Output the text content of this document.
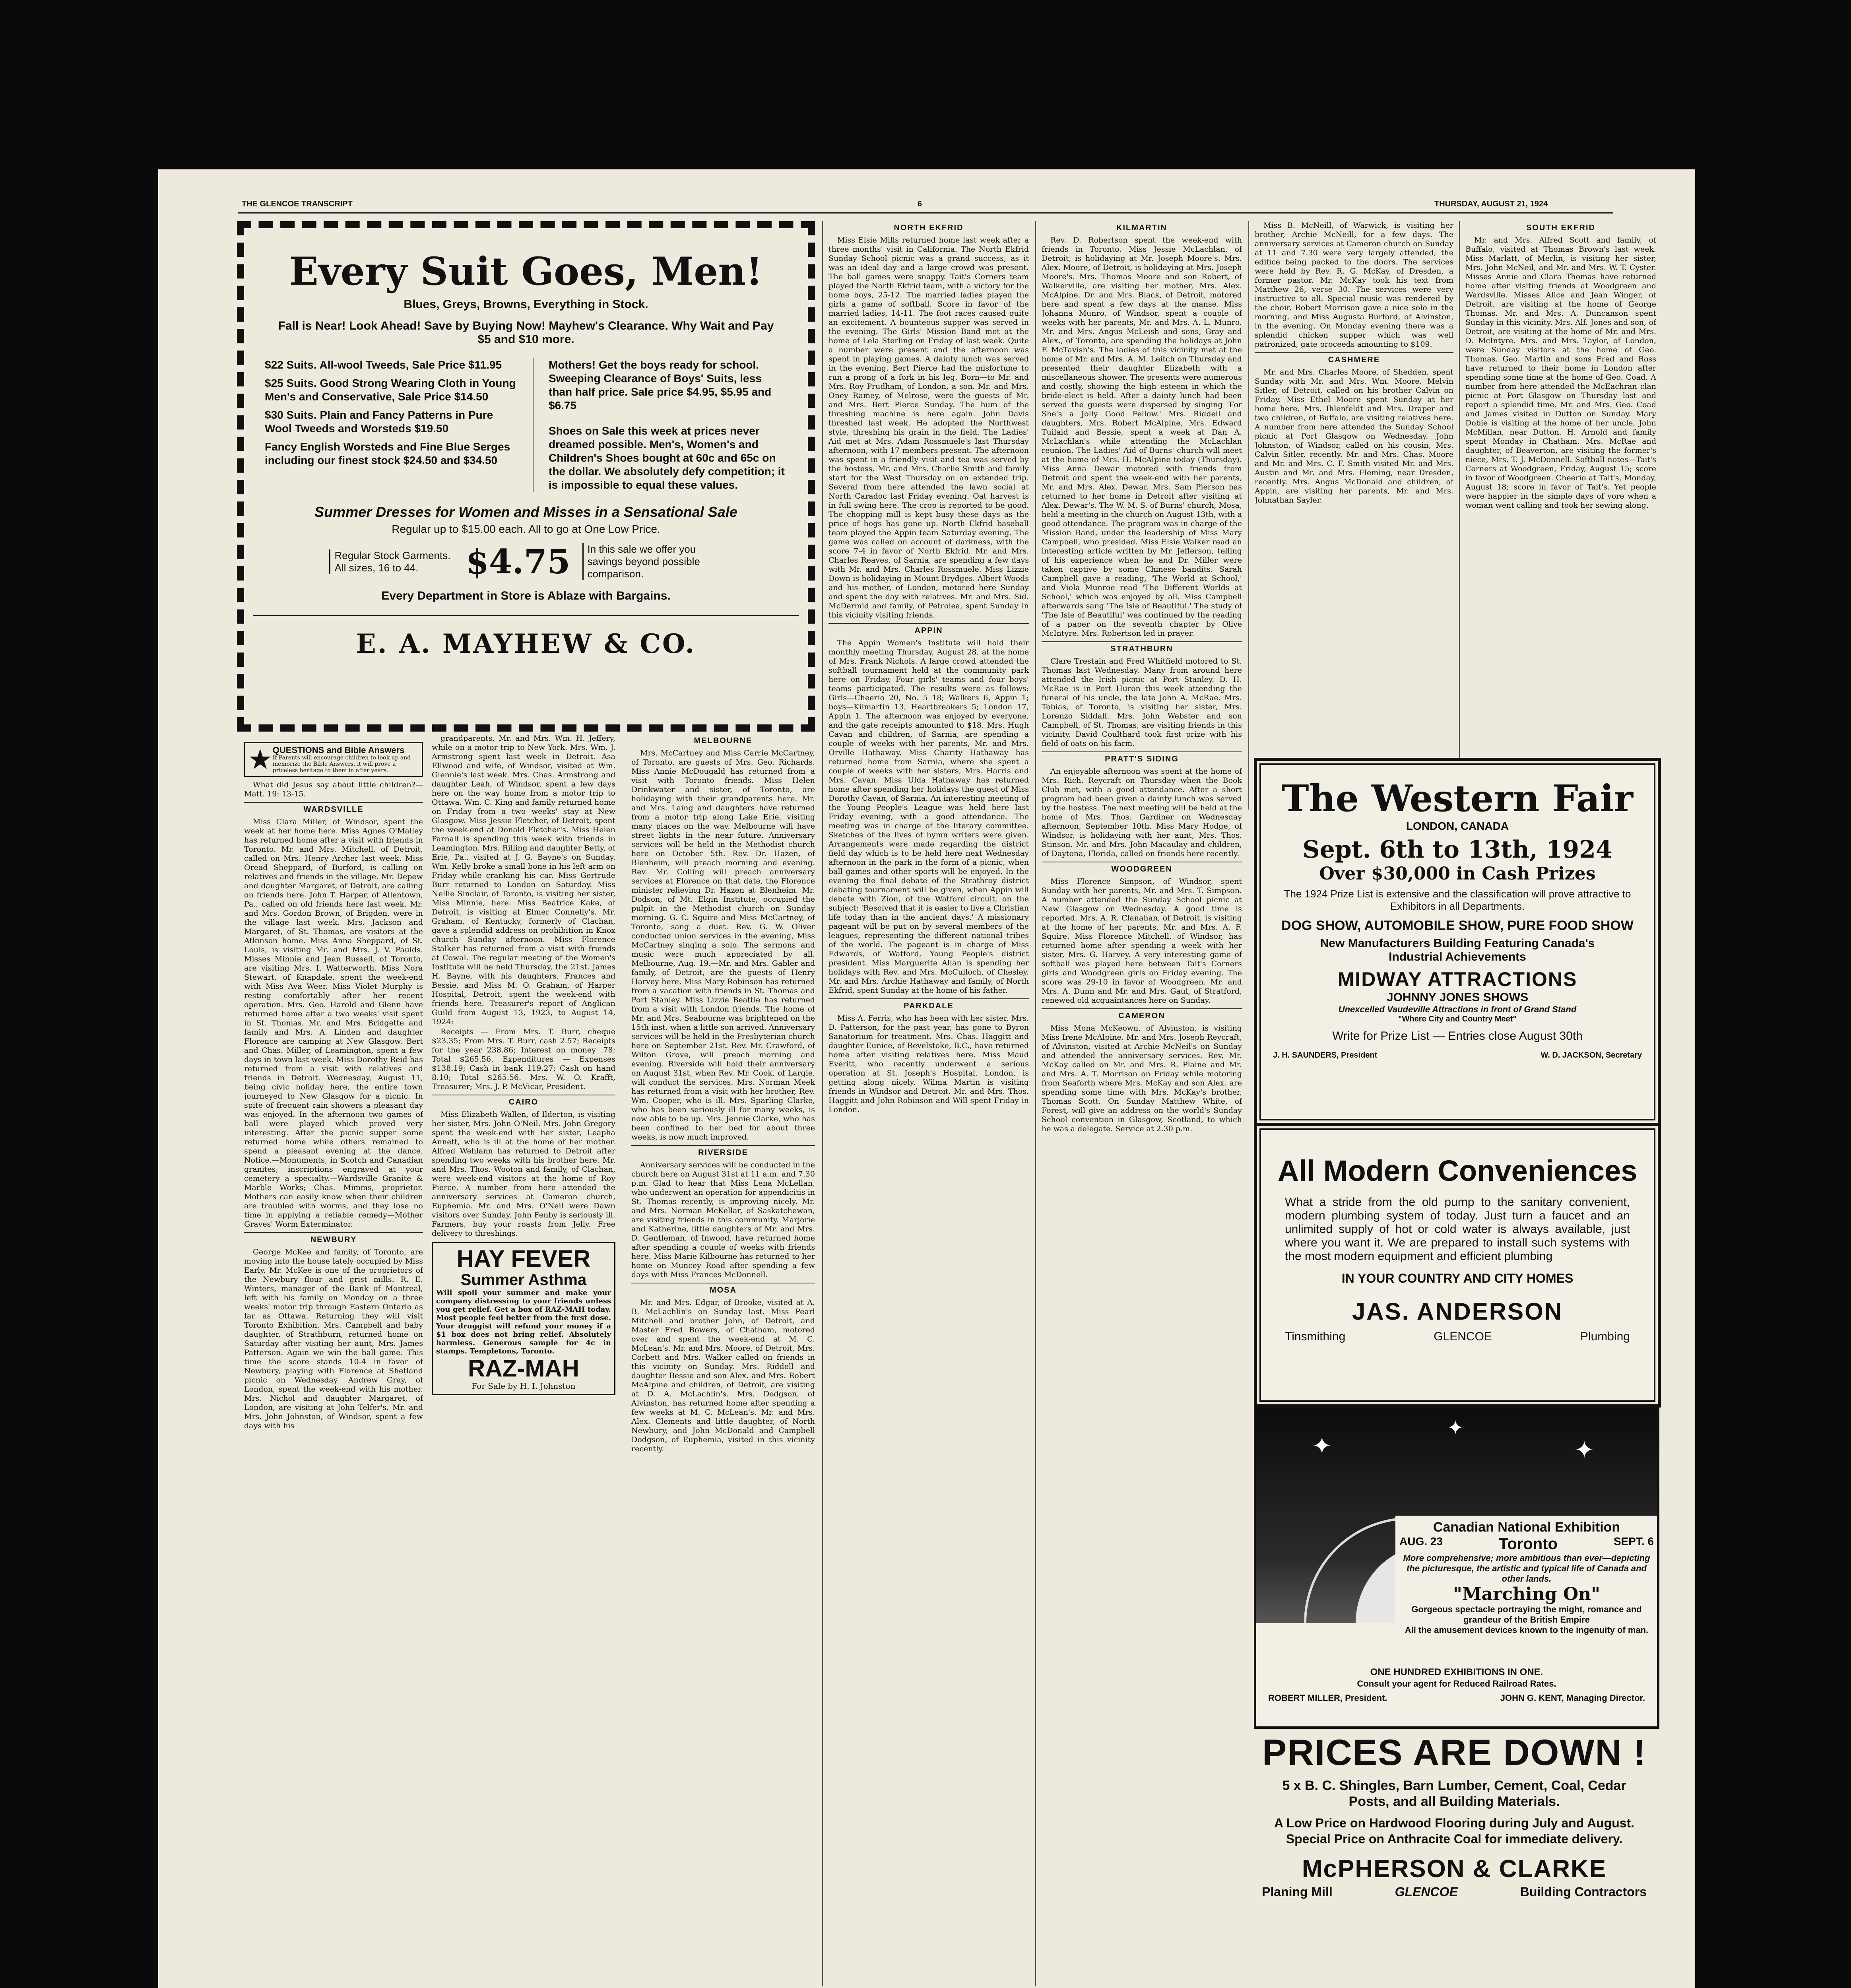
THE GLENCOE TRANSCRIPT	6	THURSDAY, AUGUST 21, 1924
Every Suit Goes, Men!
Blues, Greys, Browns, Everything in Stock.
Fall is Near! Look Ahead! Save by Buying Now! Mayhew's Clearance. Why Wait and Pay $5 and $10 more.
$22 Suits. All-wool Tweeds, Sale Price $11.95
$25 Suits. Good Strong Wearing Cloth in Young Men's and Conservative, Sale Price $14.50
$30 Suits. Plain and Fancy Patterns in Pure Wool Tweeds and Worsteds $19.50
Fancy English Worsteds and Fine Blue Serges including our finest stock $24.50 and $34.50
Mothers! Get the boys ready for school. Sweeping Clearance of Boys' Suits, less than half price. Sale price $4.95, $5.95 and $6.75
Shoes on Sale this week at prices never dreamed possible. Men's, Women's and Children's Shoes bought at 60c and 65c on the dollar. We absolutely defy competition; it is impossible to equal these values.
Summer Dresses for Women and Misses in a Sensational Sale
Regular up to $15.00 each. All to go at One Low Price.
Regular Stock Garments. All sizes, 16 to 44.	$4.75	In this sale we offer you savings beyond possible comparison.
Every Department in Store is Ablaze with Bargains.
E. A. MAYHEW & CO.
★ QUESTIONS and Bible Answers
If Parents will encourage children to look up and memorize the Bible Answers, it will prove a priceless heritage to them in after years.

What did Jesus say about little children?—Matt. 19: 13-15.

WARDSVILLE

Miss Clara Miller, of Windsor, spent the week at her home here. Miss Agnes O'Malley has returned home after a visit with friends in Toronto. Mr. and Mrs. Mitchell, of Detroit, called on Mrs. Henry Archer last week. Miss Oread Sheppard, of Burford, is calling on relatives and friends in the village. Mr. Depew and daughter Margaret, of Detroit, are calling on friends here. John T. Harper, of Allentown, Pa., called on old friends here last week. Mr. and Mrs. Gordon Brown, of Brigden, were in the village last week. Mrs. Jackson and Margaret, of St. Thomas, are visitors at the Atkinson home. Miss Anna Sheppard, of St. Louis, is visiting Mr. and Mrs. J. V. Paulds. Misses Minnie and Jean Russell, of Toronto, are visiting Mrs. I. Watterworth. Miss Nora Stewart, of Knapdale, spent the week-end with Miss Ava Weer. Miss Violet Murphy is resting comfortably after her recent operation. Mrs. Geo. Harold and Glenn have returned home after a two weeks' visit spent in St. Thomas. Mr. and Mrs. Bridgette and family and Mrs. A. Linden and daughter Florence are camping at New Glasgow. Bert and Chas. Miller, of Leamington, spent a few days in town last week. Miss Dorothy Reid has returned from a visit with relatives and friends in Detroit. Wednesday, August 11, being civic holiday here, the entire town journeyed to New Glasgow for a picnic. In spite of frequent rain showers a pleasant day was enjoyed. In the afternoon two games of ball were played which proved very interesting. After the picnic supper some returned home while others remained to spend a pleasant evening at the dance. Notice.—Monuments, in Scotch and Canadian granites; inscriptions engraved at your cemetery a specialty.—Wardsville Granite & Marble Works; Chas. Mimms, proprietor. Mothers can easily know when their children are troubled with worms, and they lose no time in applying a reliable remedy—Mother Graves' Worm Exterminator.

NEWBURY

George McKee and family, of Toronto, are moving into the house lately occupied by Miss Early. Mr. McKee is one of the proprietors of the Newbury flour and grist mills. R. E. Winters, manager of the Bank of Montreal, left with his family on Monday on a three weeks' motor trip through Eastern Ontario as far as Ottawa. Returning they will visit Toronto Exhibition. Mrs. Campbell and baby daughter, of Strathburn, returned home on Saturday after visiting her aunt, Mrs. James Patterson. Again we win the ball game. This time the score stands 10-4 in favor of Newbury, playing with Florence at Shetland picnic on Wednesday. Andrew Gray, of London, spent the week-end with his mother. Mrs. Nichol and daughter Margaret, of London, are visiting at John Telfer's. Mr. and Mrs. John Johnston, of Windsor, spent a few days with his

grandparents, Mr. and Mrs. Wm. H. Jeffery, while on a motor trip to New York. Mrs. Wm. J. Armstrong spent last week in Detroit. Asa Ellwood and wife, of Windsor, visited at Wm. Glennie's last week. Mrs. Chas. Armstrong and daughter Leah, of Windsor, spent a few days here on the way home from a motor trip to Ottawa. Wm. C. King and family returned home on Friday from a two weeks' stay at New Glasgow. Miss Jessie Fletcher, of Detroit, spent the week-end at Donald Fletcher's. Miss Helen Parnall is spending this week with friends in Leamington. Mrs. Rilling and daughter Betty, of Erie, Pa., visited at J. G. Bayne's on Sunday. Wm. Kelly broke a small bone in his left arm on Friday while cranking his car. Miss Gertrude Burr returned to London on Saturday. Miss Nellie Sinclair, of Toronto, is visiting her sister, Miss Minnie, here. Miss Beatrice Kake, of Detroit, is visiting at Elmer Connelly's. Mr. Graham, of Kentucky, formerly of Clachan, gave a splendid address on prohibition in Knox church Sunday afternoon. Miss Florence Stalker has returned from a visit with friends at Cowal. The regular meeting of the Women's Institute will be held Thursday, the 21st. James H. Bayne, with his daughters, Frances and Bessie, and Miss M. O. Graham, of Harper Hospital, Detroit, spent the week-end with friends here. Treasurer's report of Anglican Guild from August 13, 1923, to August 14, 1924:

Receipts — From Mrs. T. Burr, cheque $23.35; From Mrs. T. Burr, cash 2.57; Receipts for the year 238.86; Interest on money .78; Total $265.56. Expenditures — Expenses $138.19; Cash in bank 119.27; Cash on hand 8.10; Total $265.56. Mrs. W. O. Krafft, Treasurer; Mrs. J. P. McVicar, President.

CAIRO

Miss Elizabeth Wallen, of Ilderton, is visiting her sister, Mrs. John O'Neil. Mrs. John Gregory spent the week-end with her sister, Leapha Annett, who is ill at the home of her mother. Alfred Wehlann has returned to Detroit after spending two weeks with his brother here. Mr. and Mrs. Thos. Wooton and family, of Clachan, were week-end visitors at the home of Roy Pierce. A number from here attended the anniversary services at Cameron church, Euphemia. Mr. and Mrs. O'Neil were Dawn visitors over Sunday. John Fenby is seriously ill. Farmers, buy your roasts from Jelly. Free delivery to threshings.

HAY FEVER
Summer Asthma
Will spoil your summer and make your company distressing to your friends unless you get relief. Get a box of RAZ-MAH today. Most people feel better from the first dose. Your druggist will refund your money if a $1 box does not bring relief. Absolutely harmless. Generous sample for 4c in stamps. Templetons, Toronto.
RAZ-MAH
For Sale by H. I. Johnston
MELBOURNE

Mrs. McCartney and Miss Carrie McCartney, of Toronto, are guests of Mrs. Geo. Richards. Miss Annie McDougald has returned from a visit with Toronto friends. Miss Helen Drinkwater and sister, of Toronto, are holidaying with their grandparents here. Mr. and Mrs. Laing and daughters have returned from a motor trip along Lake Erie, visiting many places on the way. Melbourne will have street lights in the near future. Anniversary services will be held in the Methodist church here on October 5th. Rev. Dr. Hazen, of Blenheim, will preach morning and evening. Rev. Mr. Colling will preach anniversary services at Florence on that date, the Florence minister relieving Dr. Hazen at Blenheim. Mr. Dodson, of Mt. Elgin Institute, occupied the pulpit in the Methodist church on Sunday morning. G. C. Squire and Miss McCartney, of Toronto, sang a duet. Rev. G. W. Oliver conducted union services in the evening, Miss McCartney singing a solo. The sermons and music were much appreciated by all. Melbourne, Aug. 19.—Mr. and Mrs. Gabler and family, of Detroit, are the guests of Henry Harvey here. Miss Mary Robinson has returned from a vacation with friends in St. Thomas and Port Stanley. Miss Lizzie Beattie has returned from a visit with London friends. The home of Mr. and Mrs. Seabourne was brightened on the 15th inst. when a little son arrived. Anniversary services will be held in the Presbyterian church here on September 21st. Rev. Mr. Crawford, of Wilton Grove, will preach morning and evening. Riverside will hold their anniversary on August 31st, when Rev. Mr. Cook, of Largie, will conduct the services. Mrs. Norman Meek has returned from a visit with her brother, Rev. Wm. Cooper, who is ill. Mrs. Sparling Clarke, who has been seriously ill for many weeks, is now able to be up. Mrs. Jennie Clarke, who has been confined to her bed for about three weeks, is now much improved.

RIVERSIDE

Anniversary services will be conducted in the church here on August 31st at 11 a.m. and 7.30 p.m. Glad to hear that Miss Lena McLellan, who underwent an operation for appendicitis in St. Thomas recently, is improving nicely. Mr. and Mrs. Norman McKellar, of Saskatchewan, are visiting friends in this community. Marjorie and Katherine, little daughters of Mr. and Mrs. D. Gentleman, of Inwood, have returned home after spending a couple of weeks with friends here. Miss Marie Kilbourne has returned to her home on Muncey Road after spending a few days with Miss Frances McDonnell.

MOSA

Mr. and Mrs. Edgar, of Brooke, visited at A. B. McLachlin's on Sunday last. Miss Pearl Mitchell and brother John, of Detroit, and Master Fred Bowers, of Chatham, motored over and spent the week-end at M. C. McLean's. Mr. and Mrs. Moore, of Detroit, Mrs. Corbett and Mrs. Walker called on friends in this vicinity on Sunday. Mrs. Riddell and daughter Bessie and son Alex. and Mrs. Robert McAlpine and children, of Detroit, are visiting at D. A. McLachlin's. Mrs. Dodgson, of Alvinston, has returned home after spending a few weeks at M. C. McLean's. Mr. and Mrs. Alex. Clements and little daughter, of North Newbury, and John McDonald and Campbell Dodgson, of Euphemia, visited in this vicinity recently.

NORTH EKFRID

Miss Elsie Mills returned home last week after a three months' visit in California. The North Ekfrid Sunday School picnic was a grand success, as it was an ideal day and a large crowd was present. The ball games were snappy. Tait's Corners team played the North Ekfrid team, with a victory for the home boys, 25-12. The married ladies played the girls a game of softball. Score in favor of the married ladies, 14-11. The foot races caused quite an excitement. A bounteous supper was served in the evening. The Girls' Mission Band met at the home of Lela Sterling on Friday of last week. Quite a number were present and the afternoon was spent in playing games. A dainty lunch was served in the evening. Bert Pierce had the misfortune to run a prong of a fork in his leg. Born—to Mr. and Mrs. Roy Prudham, of London, a son. Mr. and Mrs. Oney Ramey, of Melrose, were the guests of Mr. and Mrs. Bert Pierce Sunday. The hum of the threshing machine is here again. John Davis threshed last week. He adopted the Northwest style, threshing his grain in the field. The Ladies' Aid met at Mrs. Adam Rossmuele's last Thursday afternoon, with 17 members present. The afternoon was spent in a friendly visit and tea was served by the hostess. Mr. and Mrs. Charlie Smith and family start for the West Thursday on an extended trip. Several from here attended the lawn social at North Caradoc last Friday evening. Oat harvest is in full swing here. The crop is reported to be good. The chopping mill is kept busy these days as the price of hogs has gone up. North Ekfrid baseball team played the Appin team Saturday evening. The game was called on account of darkness, with the score 7-4 in favor of North Ekfrid. Mr. and Mrs. Charles Reaves, of Sarnia, are spending a few days with Mr. and Mrs. Charles Rossmuele. Miss Lizzie Down is holidaying in Mount Brydges. Albert Woods and his mother, of London, motored here Sunday and spent the day with relatives. Mr. and Mrs. Sid. McDermid and family, of Petrolea, spent Sunday in this vicinity visiting friends.

APPIN

The Appin Women's Institute will hold their monthly meeting Thursday, August 28, at the home of Mrs. Frank Nichols. A large crowd attended the softball tournament held at the community park here on Friday. Four girls' teams and four boys' teams participated. The results were as follows: Girls—Cheerio 20, No. 5 18; Walkers 6, Appin 1; boys—Kilmartin 13, Heartbreakers 5; London 17, Appin 1. The afternoon was enjoyed by everyone, and the gate receipts amounted to $18. Mrs. Hugh Cavan and children, of Sarnia, are spending a couple of weeks with her parents, Mr. and Mrs. Orville Hathaway. Miss Charity Hathaway has returned home from Sarnia, where she spent a couple of weeks with her sisters, Mrs. Harris and Mrs. Cavan. Miss Ulda Hathaway has returned home after spending her holidays the guest of Miss Dorothy Cavan, of Sarnia. An interesting meeting of the Young People's League was held here last Friday evening, with a good attendance. The meeting was in charge of the literary committee. Sketches of the lives of hymn writers were given. Arrangements were made regarding the district field day which is to be held here next Wednesday afternoon in the park in the form of a picnic, when ball games and other sports will be enjoyed. In the evening the final debate of the Strathroy district debating tournament will be given, when Appin will debate with Zion, of the Watford circuit, on the subject: 'Resolved that it is easier to live a Christian life today than in the ancient days.' A missionary pageant will be put on by several members of the leagues, representing the different national tribes of the world. The pageant is in charge of Miss Edwards, of Watford, Young People's district president. Miss Marguerite Allan is spending her holidays with Rev. and Mrs. McCulloch, of Chesley. Mr. and Mrs. Archie Hathaway and family, of North Ekfrid, spent Sunday at the home of his father.

PARKDALE

Miss A. Ferris, who has been with her sister, Mrs. D. Patterson, for the past year, has gone to Byron Sanatorium for treatment. Mrs. Chas. Haggitt and daughter Eunice, of Revelstoke, B.C., have returned home after visiting relatives here. Miss Maud Everitt, who recently underwent a serious operation at St. Joseph's Hospital, London, is getting along nicely. Wilma Martin is visiting friends in Windsor and Detroit. Mr. and Mrs. Thos. Haggitt and John Robinson and Will spent Friday in London.

KILMARTIN

Rev. D. Robertson spent the week-end with friends in Toronto. Miss Jessie McLachlan, of Detroit, is holidaying at Mr. Joseph Moore's. Mrs. Alex. Moore, of Detroit, is holidaying at Mrs. Joseph Moore's. Mrs. Thomas Moore and son Robert, of Walkerville, are visiting her mother, Mrs. Alex. McAlpine. Dr. and Mrs. Black, of Detroit, motored here and spent a few days at the manse. Miss Johanna Munro, of Windsor, spent a couple of weeks with her parents, Mr. and Mrs. A. L. Munro. Mr. and Mrs. Angus McLeish and sons, Gray and Alex., of Toronto, are spending the holidays at John F. McTavish's. The ladies of this vicinity met at the home of Mr. and Mrs. A. M. Leitch on Thursday and presented their daughter Elizabeth with a miscellaneous shower. The presents were numerous and costly, showing the high esteem in which the bride-elect is held. After a dainty lunch had been served the guests were dispersed by singing 'For She's a Jolly Good Fellow.' Mrs. Riddell and daughters, Mrs. Robert McAlpine, Mrs. Edward Tuilaid and Bessie, spent a week at Dan A. McLachlan's while attending the McLachlan reunion. The Ladies' Aid of Burns' church will meet at the home of Mrs. H. McAlpine today (Thursday). Miss Anna Dewar motored with friends from Detroit and spent the week-end with her parents, Mr. and Mrs. Alex. Dewar. Mrs. Sam Pierson has returned to her home in Detroit after visiting at Alex. Dewar's. The W. M. S. of Burns' church, Mosa, held a meeting in the church on August 13th, with a good attendance. The program was in charge of the Mission Band, under the leadership of Miss Mary Campbell, who presided. Miss Elsie Walker read an interesting article written by Mr. Jefferson, telling of his experience when he and Dr. Miller were taken captive by some Chinese bandits. Sarah Campbell gave a reading, 'The World at School,' and Viola Munroe read 'The Different Worlds at School,' which was enjoyed by all. Miss Campbell afterwards sang 'The Isle of Beautiful.' The study of 'The Isle of Beautiful' was continued by the reading of a paper on the seventh chapter by Olive McIntyre. Mrs. Robertson led in prayer.

STRATHBURN

Clare Trestain and Fred Whitfield motored to St. Thomas last Wednesday. Many from around here attended the Irish picnic at Port Stanley. D. H. McRae is in Port Huron this week attending the funeral of his uncle, the late John A. McRae. Mrs. Tobias, of Toronto, is visiting her sister, Mrs. Lorenzo Siddall. Mrs. John Webster and son Campbell, of St. Thomas, are visiting friends in this vicinity. David Coulthard took first prize with his field of oats on his farm.

PRATT'S SIDING

An enjoyable afternoon was spent at the home of Mrs. Rich. Reycraft on Thursday when the Book Club met, with a good attendance. After a short program had been given a dainty lunch was served by the hostess. The next meeting will be held at the home of Mrs. Thos. Gardiner on Wednesday afternoon, September 10th. Miss Mary Hodge, of Windsor, is holidaying with her aunt, Mrs. Thos. Stinson. Mr. and Mrs. John Macaulay and children, of Daytona, Florida, called on friends here recently.

WOODGREEN

Miss Florence Simpson, of Windsor, spent Sunday with her parents, Mr. and Mrs. T. Simpson. A number attended the Sunday School picnic at New Glasgow on Wednesday. A good time is reported. Mrs. A. R. Clanahan, of Detroit, is visiting at the home of her parents, Mr. and Mrs. A. F. Squire. Miss Florence Mitchell, of Windsor, has returned home after spending a week with her sister, Mrs. G. Harvey. A very interesting game of softball was played here between Tait's Corners girls and Woodgreen girls on Friday evening. The score was 29-10 in favor of Woodgreen. Mr. and Mrs. A. Dunn and Mr. and Mrs. Gaul, of Stratford, renewed old acquaintances here on Sunday.

CAMERON

Miss Mona McKeown, of Alvinston, is visiting Miss Irene McAlpine. Mr. and Mrs. Joseph Reycraft, of Alvinston, visited at Archie McNeil's on Sunday and attended the anniversary services. Rev. Mr. McKay called on Mr. and Mrs. R. Plaine and Mr. and Mrs. A. T. Morrison on Friday while motoring from Seaforth where Mrs. McKay and son Alex. are spending some time with Mrs. McKay's brother, Thomas Scott. On Sunday Matthew White, of Forest, will give an address on the world's Sunday School convention in Glasgow, Scotland, to which he was a delegate. Service at 2.30 p.m.

Miss B. McNeill, of Warwick, is visiting her brother, Archie McNeill, for a few days. The anniversary services at Cameron church on Sunday at 11 and 7.30 were very largely attended, the edifice being packed to the doors. The services were held by Rev. R. G. McKay, of Dresden, a former pastor. Mr. McKay took his text from Matthew 26, verse 30. The services were very instructive to all. Special music was rendered by the choir. Robert Morrison gave a nice solo in the morning, and Miss Augusta Burford, of Alvinston, in the evening. On Monday evening there was a splendid chicken supper which was well patronized, gate proceeds amounting to $109.

CASHMERE

Mr. and Mrs. Charles Moore, of Shedden, spent Sunday with Mr. and Mrs. Wm. Moore. Melvin Sitler, of Detroit, called on his brother Calvin on Friday. Miss Ethel Moore spent Sunday at her home here. Mrs. Ihlenfeldt and Mrs. Draper and two children, of Buffalo, are visiting relatives here. A number from here attended the Sunday School picnic at Port Glasgow on Wednesday. John Johnston, of Windsor, called on his cousin, Mrs. Calvin Sitler, recently. Mr. and Mrs. Chas. Moore and Mr. and Mrs. C. F. Smith visited Mr. and Mrs. Austin and Mr. and Mrs. Fleming, near Dresden, recently. Mrs. Angus McDonald and children, of Appin, are visiting her parents, Mr. and Mrs. Johnathan Sayler.

SOUTH EKFRID

Mr. and Mrs. Alfred Scott and family, of Buffalo, visited at Thomas Brown's last week. Miss Marlatt, of Merlin, is visiting her sister, Mrs. John McNeil, and Mr. and Mrs. W. T. Cyster. Misses Annie and Clara Thomas have returned home after visiting friends at Woodgreen and Wardsville. Misses Alice and Jean Winger, of Detroit, are visiting at the home of George Thomas. Mr. and Mrs. A. Duncanson spent Sunday in this vicinity. Mrs. Alf. Jones and son, of Detroit, are visiting at the home of Mr. and Mrs. D. McIntyre. Mrs. and Mrs. Taylor, of London, were Sunday visitors at the home of Geo. Thomas. Geo. Martin and sons Fred and Ross have returned to their home in London after spending some time at the home of Geo. Coad. A number from here attended the McEachran clan picnic at Port Glasgow on Thursday last and report a splendid time. Mr. and Mrs. Geo. Coad and James visited in Dutton on Sunday. Mary Dobie is visiting at the home of her uncle, John McMillan, near Dutton. H. Arnold and family spent Monday in Chatham. Mrs. McRae and daughter, of Beaverton, are visiting the former's niece, Mrs. T. J. McDonnell. Softball notes—Tait's Corners at Woodgreen, Friday, August 15; score in favor of Woodgreen. Cheerio at Tait's, Monday, August 18; score in favor of Tait's. Yet people were happier in the simple days of yore when a woman went calling and took her sewing along.

The Western Fair
LONDON, CANADA
Sept. 6th to 13th, 1924
Over $30,000 in Cash Prizes
The 1924 Prize List is extensive and the classification will prove attractive to Exhibitors in all Departments.
DOG SHOW, AUTOMOBILE SHOW, PURE FOOD SHOW
New Manufacturers Building Featuring Canada's Industrial Achievements
MIDWAY ATTRACTIONS
JOHNNY JONES SHOWS
Unexcelled Vaudeville Attractions in front of Grand Stand
"Where City and Country Meet"
Write for Prize List — Entries close August 30th
J. H. SAUNDERS, President	W. D. JACKSON, Secretary
All Modern Conveniences
What a stride from the old pump to the sanitary convenient, modern plumbing system of today. Just turn a faucet and an unlimited supply of hot or cold water is always available, just where you want it. We are prepared to install such systems with the most modern equipment and efficient plumbing
IN YOUR COUNTRY AND CITY HOMES
JAS. ANDERSON
Tinsmithing	GLENCOE	Plumbing
✦
✦
✦
Canadian National Exhibition
AUG. 23	Toronto	SEPT. 6
More comprehensive; more ambitious than ever—depicting the picturesque, the artistic and typical life of Canada and other lands.
"Marching On"
Gorgeous spectacle portraying the might, romance and grandeur of the British Empire
All the amusement devices known to the ingenuity of man.
ONE HUNDRED EXHIBITIONS IN ONE.
Consult your agent for Reduced Railroad Rates.
ROBERT MILLER, President.	JOHN G. KENT, Managing Director.
PRICES ARE DOWN !
5 x B. C. Shingles, Barn Lumber, Cement, Coal, Cedar Posts, and all Building Materials.
A Low Price on Hardwood Flooring during July and August. Special Price on Anthracite Coal for immediate delivery.
McPHERSON & CLARKE
Planing Mill	GLENCOE	Building Contractors
